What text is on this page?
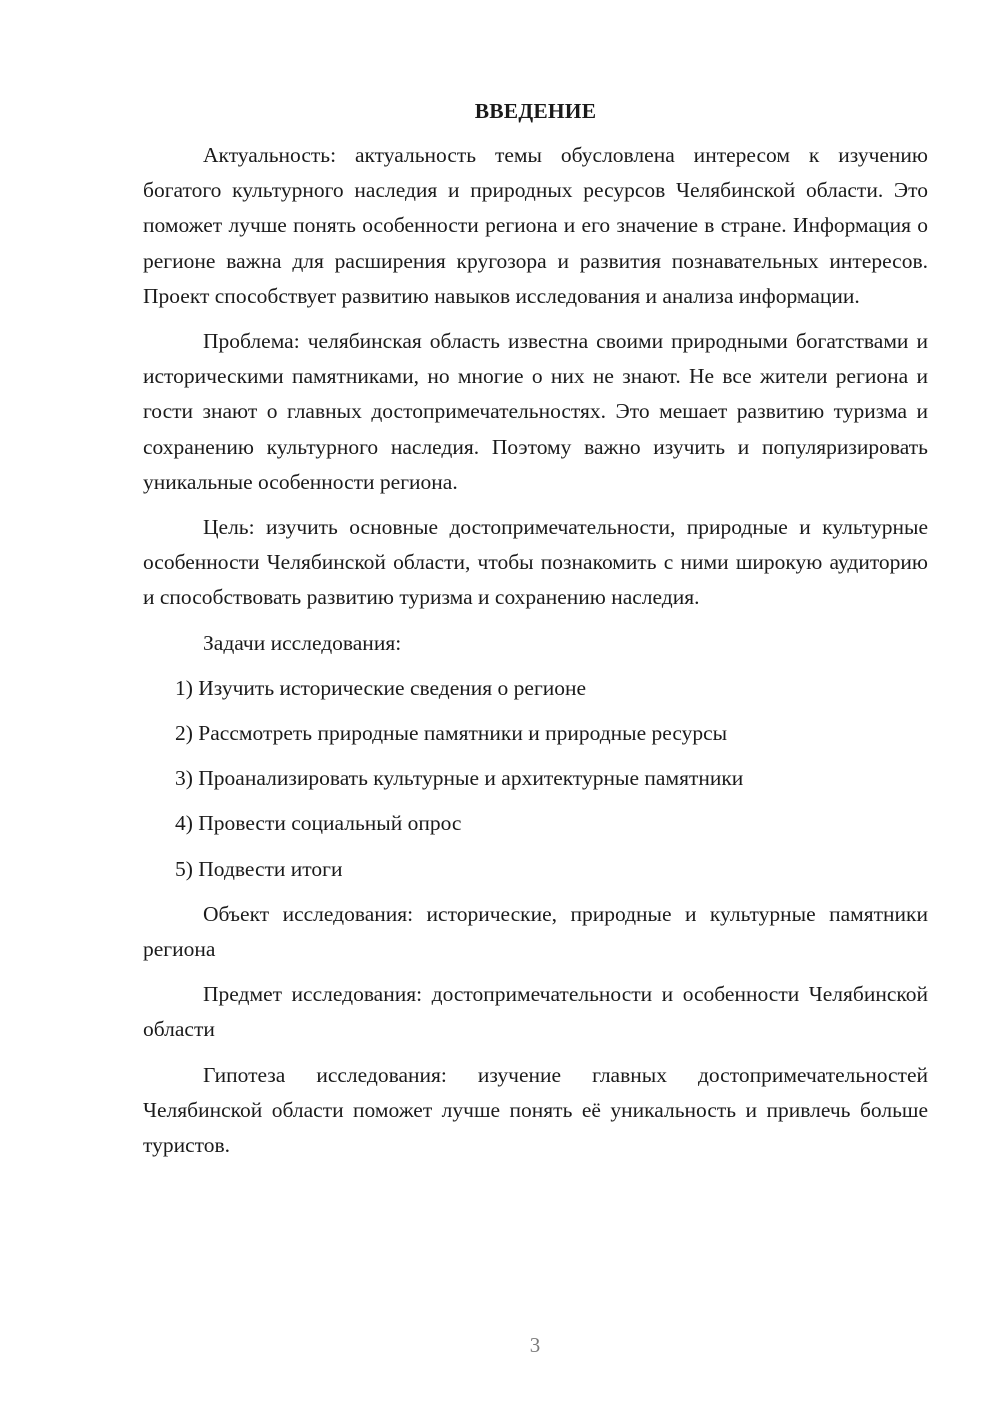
ВВЕДЕНИЕ

Актуальность: актуальность темы обусловлена интересом к изучению богатого культурного наследия и природных ресурсов Челябинской области. Это поможет лучше понять особенности региона и его значение в стране. Информация о регионе важна для расширения кругозора и развития познавательных интересов. Проект способствует развитию навыков исследования и анализа информации.

Проблема: челябинская область известна своими природными богатствами и историческими памятниками, но многие о них не знают. Не все жители региона и гости знают о главных достопримечательностях. Это мешает развитию туризма и сохранению культурного наследия. Поэтому важно изучить и популяризировать уникальные особенности региона.

Цель: изучить основные достопримечательности, природные и культурные особенности Челябинской области, чтобы познакомить с ними широкую аудиторию и способствовать развитию туризма и сохранению наследия.

Задачи исследования:

1) Изучить исторические сведения о регионе

2) Рассмотреть природные памятники и природные ресурсы

3) Проанализировать культурные и архитектурные памятники

4) Провести социальный опрос

5) Подвести итоги

Объект исследования: исторические, природные и культурные памятники региона

Предмет исследования: достопримечательности и особенности Челябинской области

Гипотеза исследования: изучение главных достопримечательностей Челябинской области поможет лучше понять её уникальность и привлечь больше туристов.

3
